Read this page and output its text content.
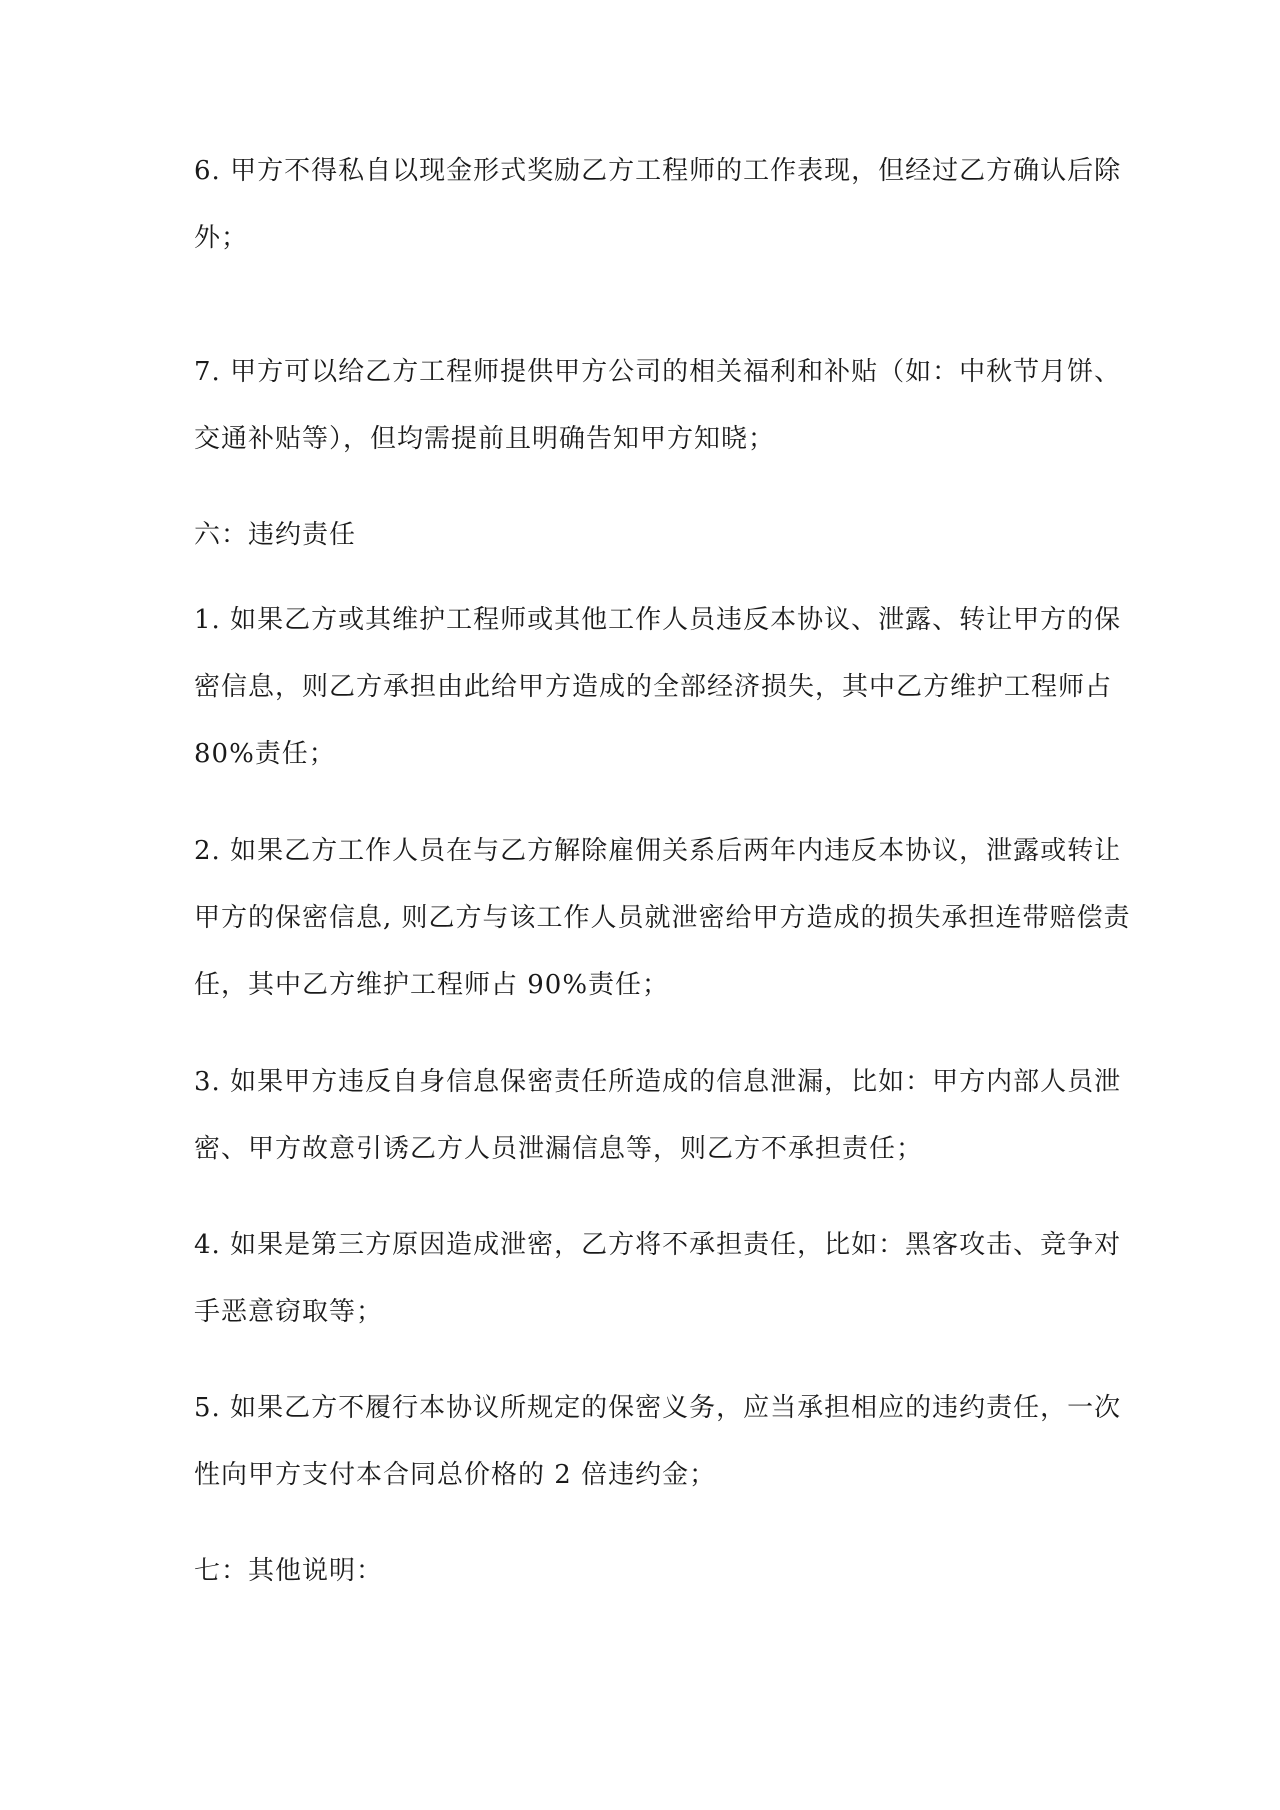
6. 甲方不得私自以现金形式奖励乙方工程师的工作表现，但经过乙方确认后除
外；

7. 甲方可以给乙方工程师提供甲方公司的相关福利和补贴（如：中秋节月饼、
交通补贴等），但均需提前且明确告知甲方知晓；

六：违约责任

1. 如果乙方或其维护工程师或其他工作人员违反本协议、泄露、转让甲方的保
密信息，则乙方承担由此给甲方造成的全部经济损失，其中乙方维护工程师占
80%责任；

2. 如果乙方工作人员在与乙方解除雇佣关系后两年内违反本协议，泄露或转让
甲方的保密信息, 则乙方与该工作人员就泄密给甲方造成的损失承担连带赔偿责
任，其中乙方维护工程师占 90%责任；

3. 如果甲方违反自身信息保密责任所造成的信息泄漏，比如：甲方内部人员泄
密、甲方故意引诱乙方人员泄漏信息等，则乙方不承担责任；

4. 如果是第三方原因造成泄密，乙方将不承担责任，比如：黑客攻击、竞争对
手恶意窃取等；

5. 如果乙方不履行本协议所规定的保密义务，应当承担相应的违约责任，一次
性向甲方支付本合同总价格的 2 倍违约金；

七：其他说明：
